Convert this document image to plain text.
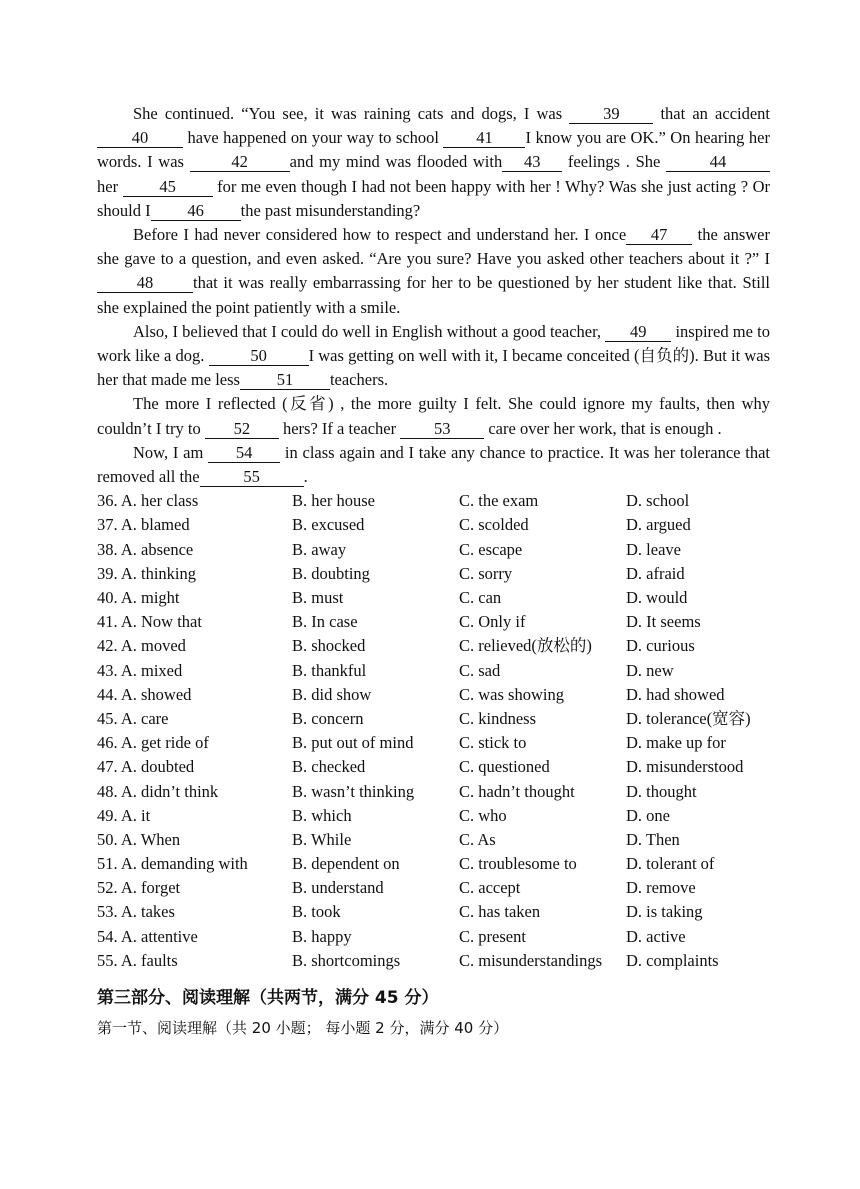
She continued. “You see, it was raining cats and dogs, I was 39 that an accident 40 have happened on your way to school 41 I know you are OK.” On hearing her words. I was	42	and my mind was flooded with 43 feelings . She	44her 45 for me even though I had not been happy with her ! Why? Was she just acting ? Or should I 46 the past misunderstanding?

Before I had never considered how to respect and understand her. I once 47 the answer she gave to a question, and even asked. “Are you sure? Have you asked other teachers about it ?” I48 that it was really embarrassing for her to be questioned by her student like that. Still she explained the point patiently with a smile.

Also, I believed that I could do well in English without a good teacher, 49 inspired me to work like a dog.	50	I was getting on well with it, I became conceited (自负的). But it was her that made me less 51 teachers.

The more I reflected (反省) , the more guilty I felt. She could ignore my faults, then why couldn’t I try to 52 hers? If a teacher 53 care over her work, that is enough .

Now, I am 54 in class again and I take any chance to practice. It was her tolerance that removed all the	55	.

36. A. her class	B. her house	C. the exam	D. school
37. A. blamed	B. excused	C. scolded	D. argued
38. A. absence	B. away	C. escape	D. leave
39. A. thinking	B. doubting	C. sorry	D. afraid
40. A. might	B. must	C. can	D. would
41. A. Now that	B. In case	C. Only if	D. It seems
42. A. moved	B. shocked	C. relieved(放松的)	D. curious
43. A. mixed	B. thankful	C. sad	D. new
44. A. showed	B. did show	C. was showing	D. had showed
45. A. care	B. concern	C. kindness	D. tolerance(宽容)
46. A. get ride of	B. put out of mind	C. stick to	D. make up for
47. A. doubted	B. checked	C. questioned	D. misunderstood
48. A. didn’t think	B. wasn’t thinking	C. hadn’t thought	D. thought
49. A. it	B. which	C. who	D. one
50. A. When	B. While	C. As	D. Then
51. A. demanding with	B. dependent on	C. troublesome to	D. tolerant of
52. A. forget	B. understand	C. accept	D. remove
53. A. takes	B. took	C. has taken	D. is taking
54. A. attentive	B. happy	C. present	D. active
55. A. faults	B. shortcomings	C. misunderstandings	D. complaints
第三部分、阅读理解（共两节，满分 45 分）
第一节、阅读理解（共 20 小题； 每小题 2 分，满分 40 分）
